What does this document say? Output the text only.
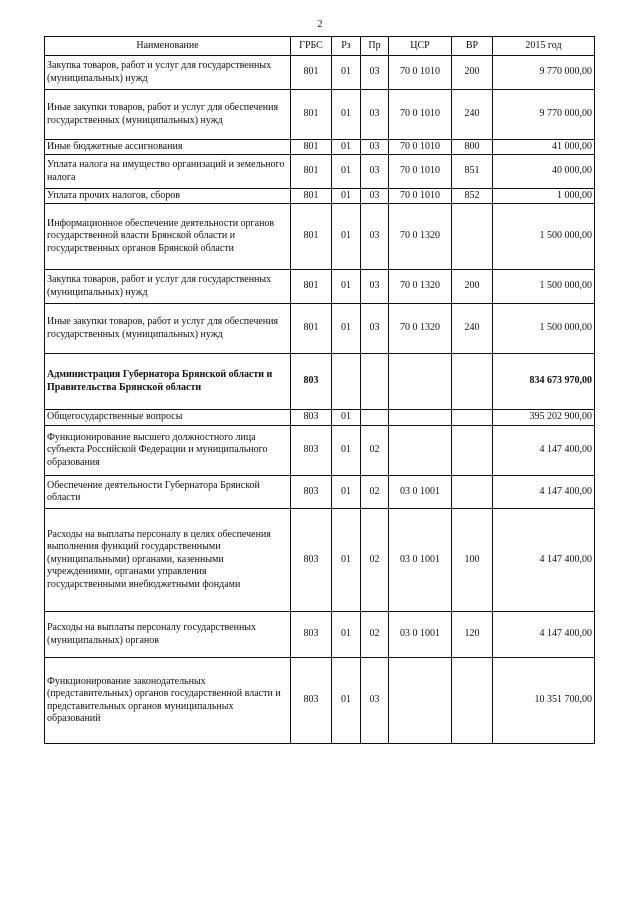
2
Наименование	ГРБС	Рз	Пр	ЦСР	ВР	2015 год
Закупка товаров, работ и услуг для государственных (муниципальных) нужд	801	01	03	70 0 1010	200	9 770 000,00
Иные закупки товаров, работ и услуг для обеспечения государственных (муниципальных) нужд	801	01	03	70 0 1010	240	9 770 000,00
Иные бюджетные ассигнования	801	01	03	70 0 1010	800	41 000,00
Уплата налога на имущество организаций и земельного налога	801	01	03	70 0 1010	851	40 000,00
Уплата прочих налогов, сборов	801	01	03	70 0 1010	852	1 000,00
Информационное обеспечение деятельности органов государственной власти Брянской области и государственных органов Брянской области	801	01	03	70 0 1320		1 500 000,00
Закупка товаров, работ и услуг для государственных (муниципальных) нужд	801	01	03	70 0 1320	200	1 500 000,00
Иные закупки товаров, работ и услуг для обеспечения государственных (муниципальных) нужд	801	01	03	70 0 1320	240	1 500 000,00
Администрация Губернатора Брянской области и Правительства Брянской области	803					834 673 970,00
Общегосударственные вопросы	803	01				395 202 900,00
Функционирование высшего должностного лица субъекта Российской Федерации и муниципального образования	803	01	02			4 147 400,00
Обеспечение деятельности Губернатора Брянской области	803	01	02	03 0 1001		4 147 400,00
Расходы на выплаты персоналу в целях обеспечения выполнения функций государственными (муниципальными) органами, казенными учреждениями, органами управления государственными внебюджетными фондами	803	01	02	03 0 1001	100	4 147 400,00
Расходы на выплаты персоналу государственных (муниципальных) органов	803	01	02	03 0 1001	120	4 147 400,00
Функционирование законодательных (представительных) органов государственной власти и представительных органов муниципальных образований	803	01	03			10 351 700,00
